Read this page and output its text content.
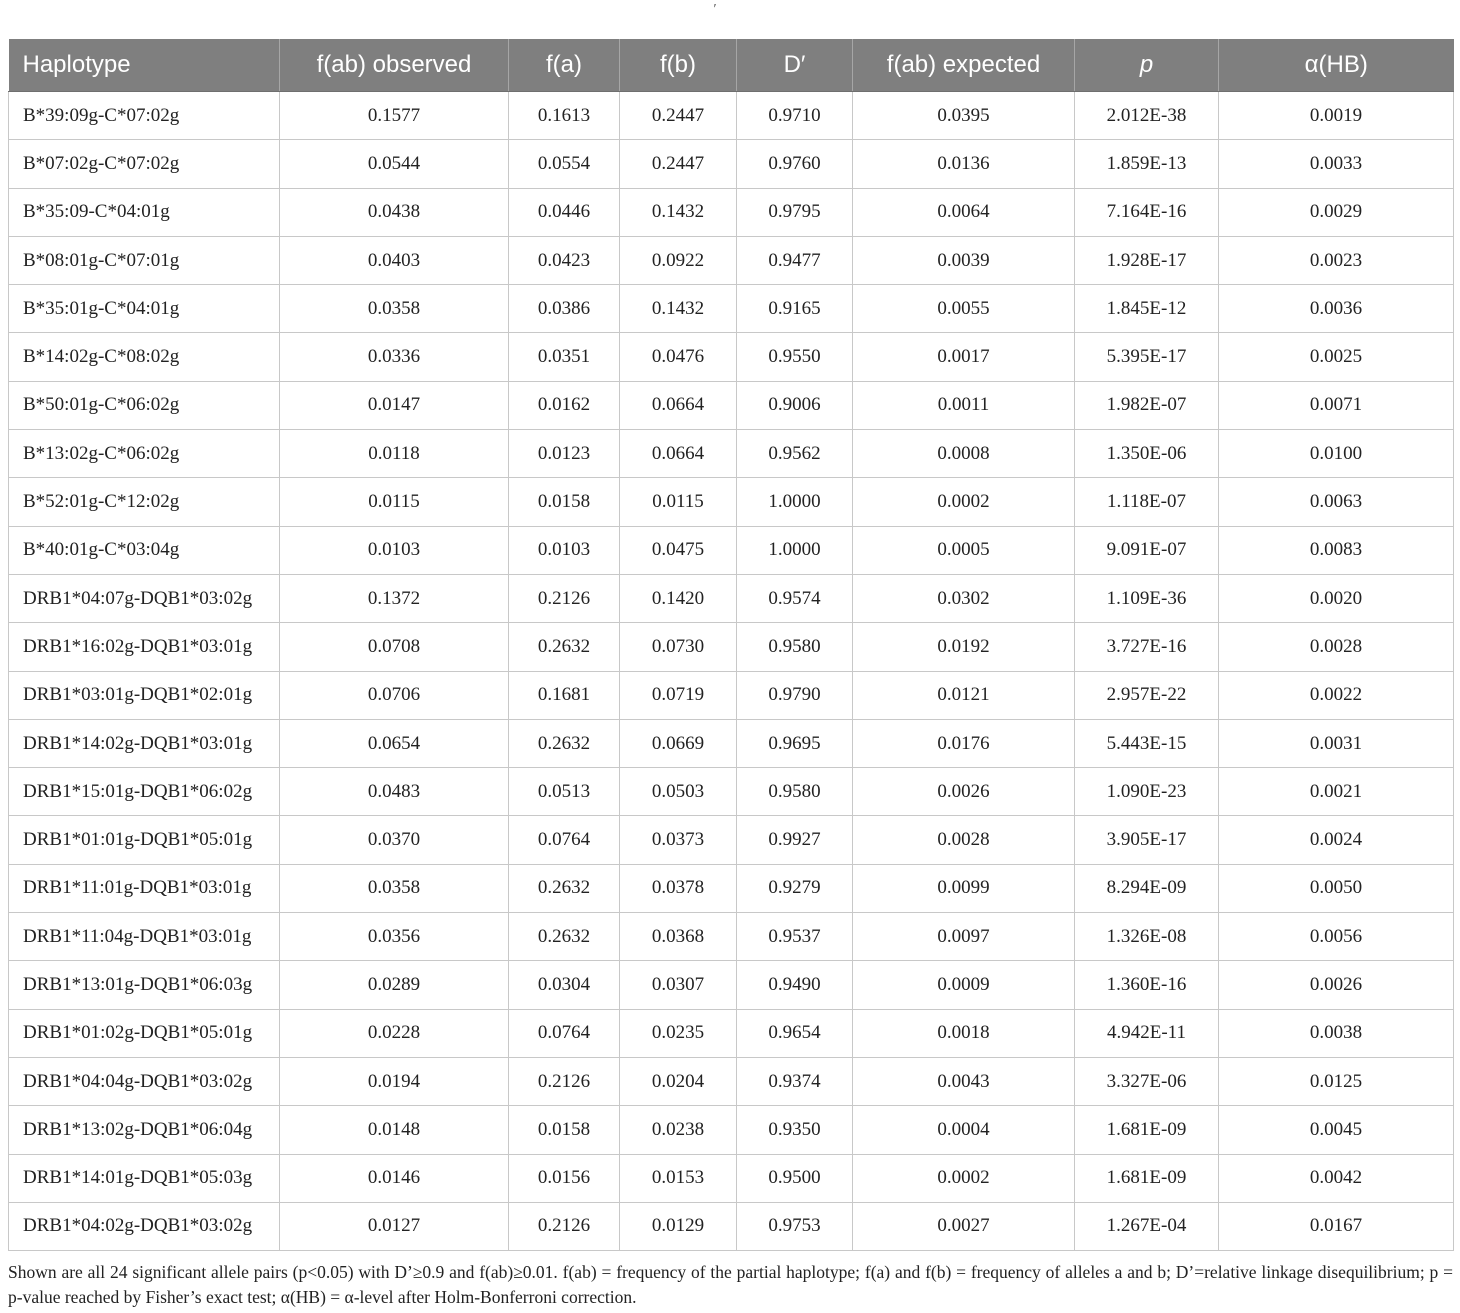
′
Haplotype	f(ab) observed	f(a)	f(b)	D′	f(ab) expected	p	α(HB)
B*39:09g-C*07:02g	0.1577	0.1613	0.2447	0.9710	0.0395	2.012E-38	0.0019
B*07:02g-C*07:02g	0.0544	0.0554	0.2447	0.9760	0.0136	1.859E-13	0.0033
B*35:09-C*04:01g	0.0438	0.0446	0.1432	0.9795	0.0064	7.164E-16	0.0029
B*08:01g-C*07:01g	0.0403	0.0423	0.0922	0.9477	0.0039	1.928E-17	0.0023
B*35:01g-C*04:01g	0.0358	0.0386	0.1432	0.9165	0.0055	1.845E-12	0.0036
B*14:02g-C*08:02g	0.0336	0.0351	0.0476	0.9550	0.0017	5.395E-17	0.0025
B*50:01g-C*06:02g	0.0147	0.0162	0.0664	0.9006	0.0011	1.982E-07	0.0071
B*13:02g-C*06:02g	0.0118	0.0123	0.0664	0.9562	0.0008	1.350E-06	0.0100
B*52:01g-C*12:02g	0.0115	0.0158	0.0115	1.0000	0.0002	1.118E-07	0.0063
B*40:01g-C*03:04g	0.0103	0.0103	0.0475	1.0000	0.0005	9.091E-07	0.0083
DRB1*04:07g-DQB1*03:02g	0.1372	0.2126	0.1420	0.9574	0.0302	1.109E-36	0.0020
DRB1*16:02g-DQB1*03:01g	0.0708	0.2632	0.0730	0.9580	0.0192	3.727E-16	0.0028
DRB1*03:01g-DQB1*02:01g	0.0706	0.1681	0.0719	0.9790	0.0121	2.957E-22	0.0022
DRB1*14:02g-DQB1*03:01g	0.0654	0.2632	0.0669	0.9695	0.0176	5.443E-15	0.0031
DRB1*15:01g-DQB1*06:02g	0.0483	0.0513	0.0503	0.9580	0.0026	1.090E-23	0.0021
DRB1*01:01g-DQB1*05:01g	0.0370	0.0764	0.0373	0.9927	0.0028	3.905E-17	0.0024
DRB1*11:01g-DQB1*03:01g	0.0358	0.2632	0.0378	0.9279	0.0099	8.294E-09	0.0050
DRB1*11:04g-DQB1*03:01g	0.0356	0.2632	0.0368	0.9537	0.0097	1.326E-08	0.0056
DRB1*13:01g-DQB1*06:03g	0.0289	0.0304	0.0307	0.9490	0.0009	1.360E-16	0.0026
DRB1*01:02g-DQB1*05:01g	0.0228	0.0764	0.0235	0.9654	0.0018	4.942E-11	0.0038
DRB1*04:04g-DQB1*03:02g	0.0194	0.2126	0.0204	0.9374	0.0043	3.327E-06	0.0125
DRB1*13:02g-DQB1*06:04g	0.0148	0.0158	0.0238	0.9350	0.0004	1.681E-09	0.0045
DRB1*14:01g-DQB1*05:03g	0.0146	0.0156	0.0153	0.9500	0.0002	1.681E-09	0.0042
DRB1*04:02g-DQB1*03:02g	0.0127	0.2126	0.0129	0.9753	0.0027	1.267E-04	0.0167
Shown are all 24 significant allele pairs (p<0.05) with D’≥0.9 and f(ab)≥0.01. f(ab) = frequency of the partial haplotype; f(a) and f(b) = frequency of alleles a and b; D’=relative linkage disequilibrium; p = p-value reached by Fisher’s exact test; α(HB) = α-level after Holm-Bonferroni correction.
